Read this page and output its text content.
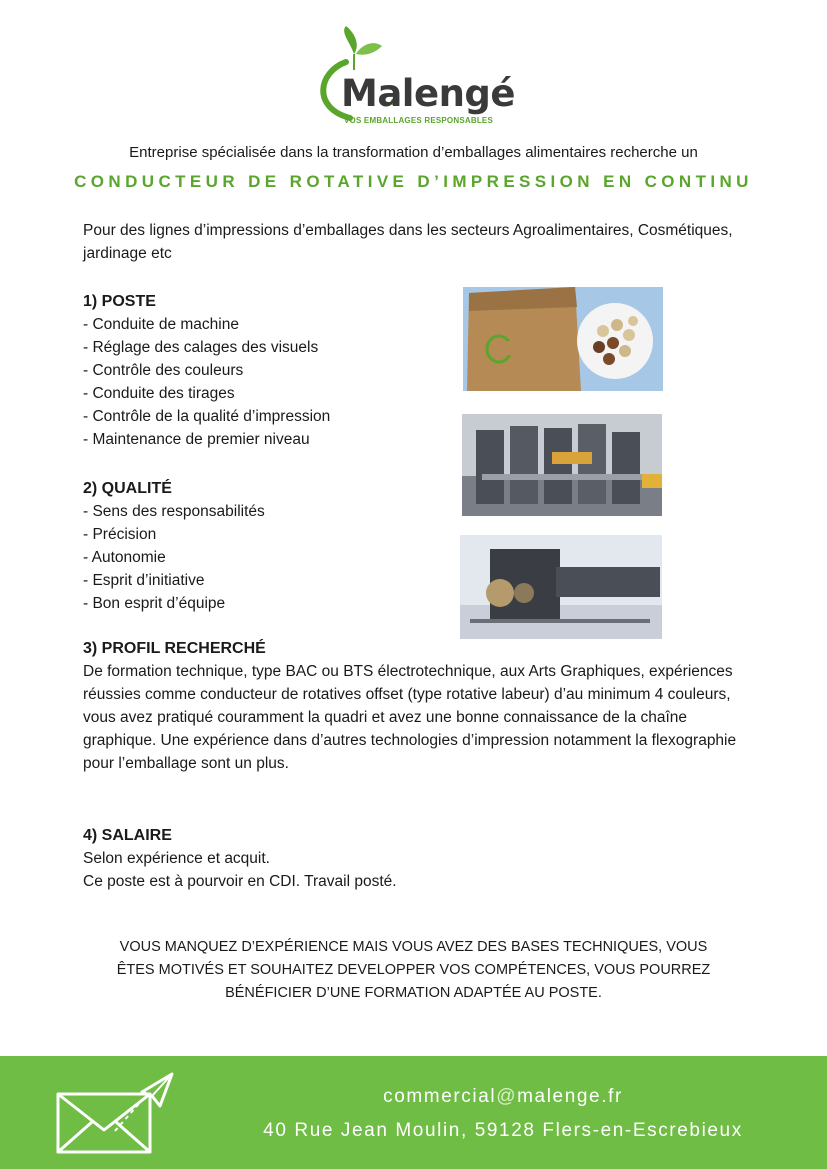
Malengé
VOS EMBALLAGES RESPONSABLES
Entreprise spécialisée dans la transformation d’emballages alimentaires recherche un
CONDUCTEUR DE ROTATIVE D’IMPRESSION EN CONTINU
Pour des lignes d’impressions d’emballages dans les secteurs Agroalimentaires, Cosmétiques, jardinage etc
1) POSTE
- Conduite de machine
- Réglage des calages des visuels
- Contrôle des couleurs
- Conduite des tirages
- Contrôle de la qualité d’impression
- Maintenance de premier niveau
2) QUALITÉ
- Sens des responsabilités
- Précision
- Autonomie
- Esprit d’initiative
- Bon esprit d’équipe
3) PROFIL RECHERCHÉ

De formation technique, type BAC ou BTS électrotechnique, aux Arts Graphiques, expériences réussies comme conducteur de rotatives offset (type rotative labeur) d’au minimum 4 couleurs, vous avez pratiqué couramment la quadri et avez une bonne connaissance de la chaîne graphique. Une expérience dans d’autres technologies d’impression notamment la flexographie pour l’emballage sont un plus.

4) SALAIRE

Selon expérience et acquit.

Ce poste est à pourvoir en CDI. Travail posté.

VOUS MANQUEZ D’EXPÉRIENCE MAIS VOUS AVEZ DES BASES TECHNIQUES, VOUS
ÊTES MOTIVÉS ET SOUHAITEZ DEVELOPPER VOS COMPÉTENCES, VOUS POURREZ
BÉNÉFICIER D’UNE FORMATION ADAPTÉE AU POSTE.
commercial@malenge.fr
40 Rue Jean Moulin, 59128 Flers-en-Escrebieux
